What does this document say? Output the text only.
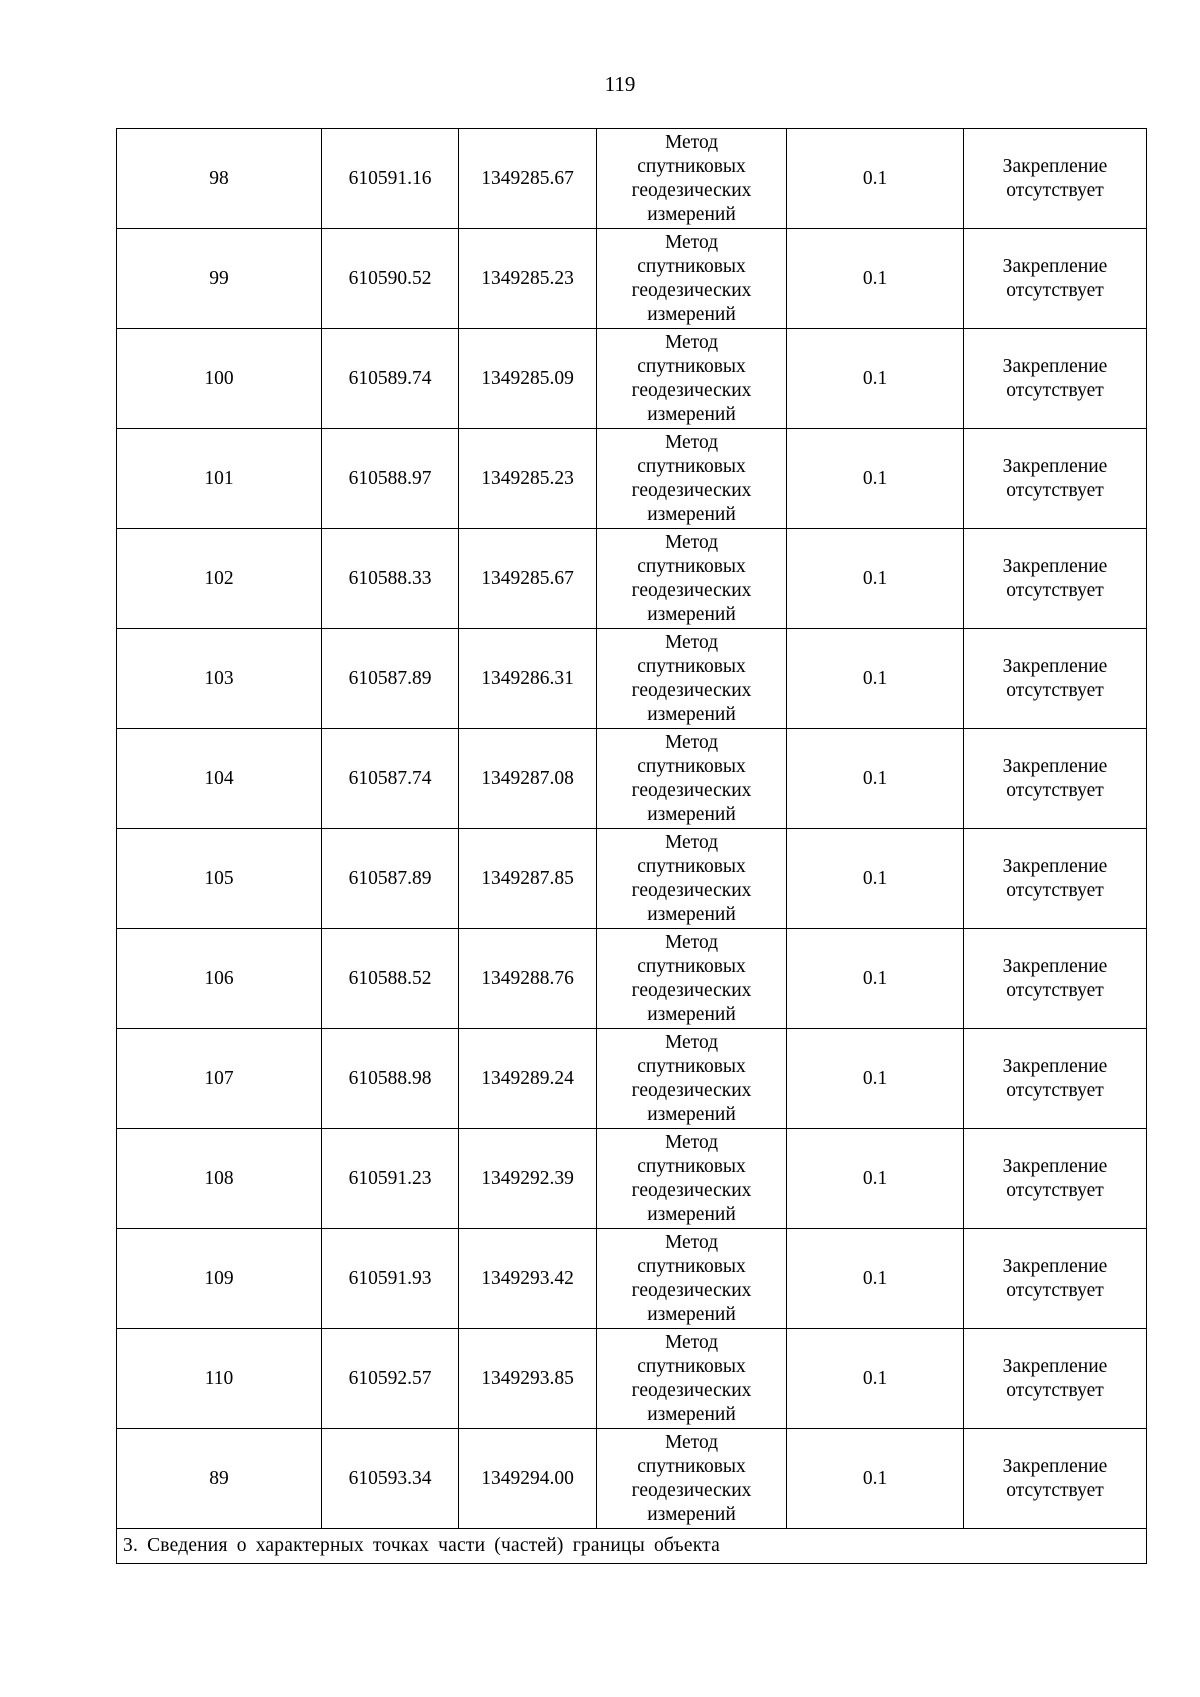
119
98	610591.16	1349285.67	Метод
спутниковых
геодезических
измерений	0.1	Закрепление
отсутствует

99	610590.52	1349285.23	Метод
спутниковых
геодезических
измерений	0.1	Закрепление
отсутствует

100	610589.74	1349285.09	Метод
спутниковых
геодезических
измерений	0.1	Закрепление
отсутствует

101	610588.97	1349285.23	Метод
спутниковых
геодезических
измерений	0.1	Закрепление
отсутствует

102	610588.33	1349285.67	Метод
спутниковых
геодезических
измерений	0.1	Закрепление
отсутствует

103	610587.89	1349286.31	Метод
спутниковых
геодезических
измерений	0.1	Закрепление
отсутствует

104	610587.74	1349287.08	Метод
спутниковых
геодезических
измерений	0.1	Закрепление
отсутствует

105	610587.89	1349287.85	Метод
спутниковых
геодезических
измерений	0.1	Закрепление
отсутствует

106	610588.52	1349288.76	Метод
спутниковых
геодезических
измерений	0.1	Закрепление
отсутствует

107	610588.98	1349289.24	Метод
спутниковых
геодезических
измерений	0.1	Закрепление
отсутствует

108	610591.23	1349292.39	Метод
спутниковых
геодезических
измерений	0.1	Закрепление
отсутствует

109	610591.93	1349293.42	Метод
спутниковых
геодезических
измерений	0.1	Закрепление
отсутствует

110	610592.57	1349293.85	Метод
спутниковых
геодезических
измерений	0.1	Закрепление
отсутствует

89	610593.34	1349294.00	Метод
спутниковых
геодезических
измерений	0.1	Закрепление
отсутствует

3. Сведения о характерных точках части (частей) границы объекта					
